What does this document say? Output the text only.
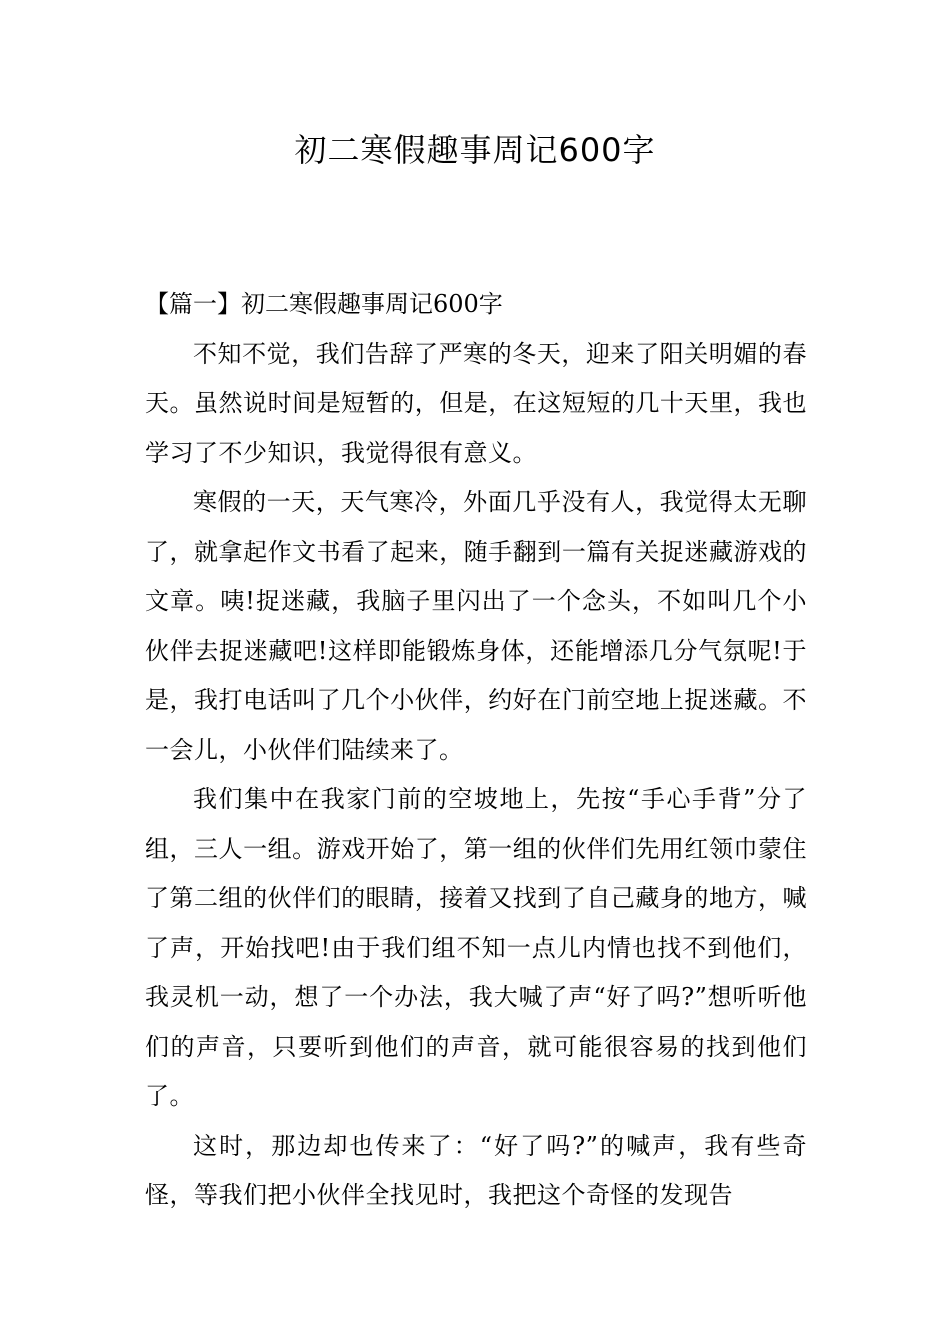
初二寒假趣事周记600字
【篇一】初二寒假趣事周记600字

不知不觉，我们告辞了严寒的冬天，迎来了阳关明媚的春天。虽然说时间是短暂的，但是，在这短短的几十天里，我也学习了不少知识，我觉得很有意义。

寒假的一天，天气寒冷，外面几乎没有人，我觉得太无聊了，就拿起作文书看了起来，随手翻到一篇有关捉迷藏游戏的文章。咦!捉迷藏，我脑子里闪出了一个念头，不如叫几个小伙伴去捉迷藏吧!这样即能锻炼身体，还能增添几分气氛呢!于是，我打电话叫了几个小伙伴，约好在门前空地上捉迷藏。不一会儿，小伙伴们陆续来了。

我们集中在我家门前的空坡地上，先按“手心手背”分了组，三人一组。游戏开始了，第一组的伙伴们先用红领巾蒙住了第二组的伙伴们的眼睛，接着又找到了自己藏身的地方，喊了声，开始找吧!由于我们组不知一点儿内情也找不到他们，我灵机一动，想了一个办法，我大喊了声“好了吗?”想听听他们的声音，只要听到他们的声音，就可能很容易的找到他们了。

这时，那边却也传来了：“好了吗?”的喊声，我有些奇怪，等我们把小伙伴全找见时，我把这个奇怪的发现告
